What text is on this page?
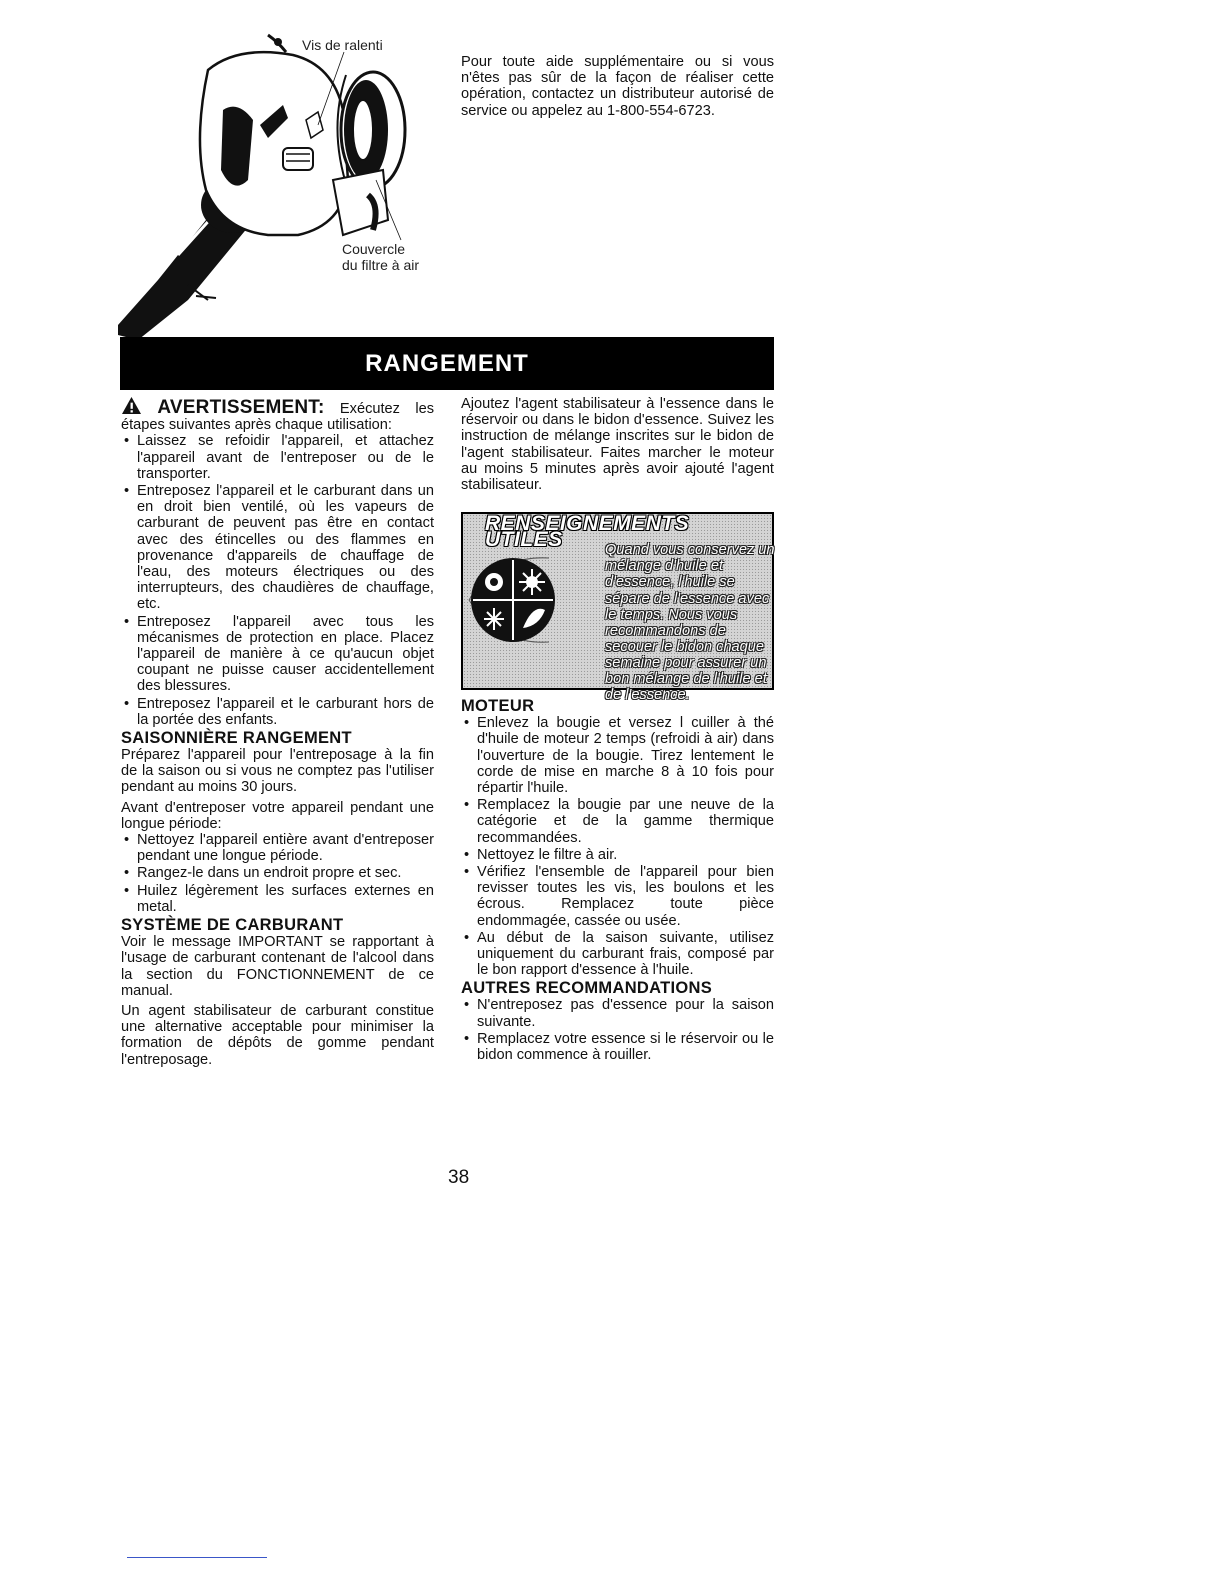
Vis de ralenti
Couvercle
du filtre à air
Pour toute aide supplémentaire ou si vous n'êtes pas sûr de la façon de réaliser cette opération, contactez un distributeur autorisé de service ou appelez au 1-800-554-6723.
RANGEMENT
AVERTISSEMENT: Exécutez les étapes suivantes après chaque utilisation:
• Laissez se refoidir l'appareil, et attachez l'appareil avant de l'entreposer ou de le transporter.
• Entreposez l'appareil et le carburant dans un en droit bien ventilé, où les vapeurs de carburant de peuvent pas être en contact avec des étincelles ou des flammes en provenance d'appareils de chauffage de l'eau, des moteurs électriques ou des interrupteurs, des chaudières de chauffage, etc.
• Entreposez l'appareil avec tous les mécanismes de protection en place. Placez l'appareil de manière à ce qu'aucun objet coupant ne puisse causer accidentellement des blessures.
• Entreposez l'appareil et le carburant hors de la portée des enfants.
SAISONNIÈRE RANGEMENT
Préparez l'appareil pour l'entreposage à la fin de la saison ou si vous ne comptez pas l'utiliser pendant au moins 30 jours.
Avant d'entreposer votre appareil pendant une longue période:
• Nettoyez l'appareil entière avant d'entreposer pendant une longue période.
• Rangez-le dans un endroit propre et sec.
• Huilez légèrement les surfaces externes en metal.
SYSTÈME DE CARBURANT
Voir le message IMPORTANT se rapportant à l'usage de carburant contenant de l'alcool dans la section du FONCTIONNEMENT de ce manual.
Un agent stabilisateur de carburant constitue une alternative acceptable pour minimiser la formation de dépôts de gomme pendant l'entreposage.
Ajoutez l'agent stabilisateur à l'essence dans le réservoir ou dans le bidon d'essence. Suivez les instruction de mélange inscrites sur le bidon de l'agent stabilisateur. Faites marcher le moteur au moins 5 minutes après avoir ajouté l'agent stabilisateur.
RENSEIGNEMENTS UTILES	Quand vous conservez un mélange d'huile et d'essence, l'huile se sépare de l'essence avec le temps. Nous vous recommandons de secouer le bidon chaque semaine pour assurer un bon mélange de l'huile et de l'essence.
MOTEUR
• Enlevez la bougie et versez l cuiller à thé d'huile de moteur 2 temps (refroidi à air) dans l'ouverture de la bougie. Tirez lentement le corde de mise en marche 8 à 10 fois pour répartir l'huile.
• Remplacez la bougie par une neuve de la catégorie et de la gamme thermique recommandées.
• Nettoyez le filtre à air.
• Vérifiez l'ensemble de l'appareil pour bien revisser toutes les vis, les boulons et les écrous. Remplacez toute pièce endommagée, cassée ou usée.
• Au début de la saison suivante, utilisez uniquement du carburant frais, composé par le bon rapport d'essence à l'huile.
AUTRES RECOMMANDATIONS
• N'entreposez pas d'essence pour la saison suivante.
• Remplacez votre essence si le réservoir ou le bidon commence à rouiller.
38
